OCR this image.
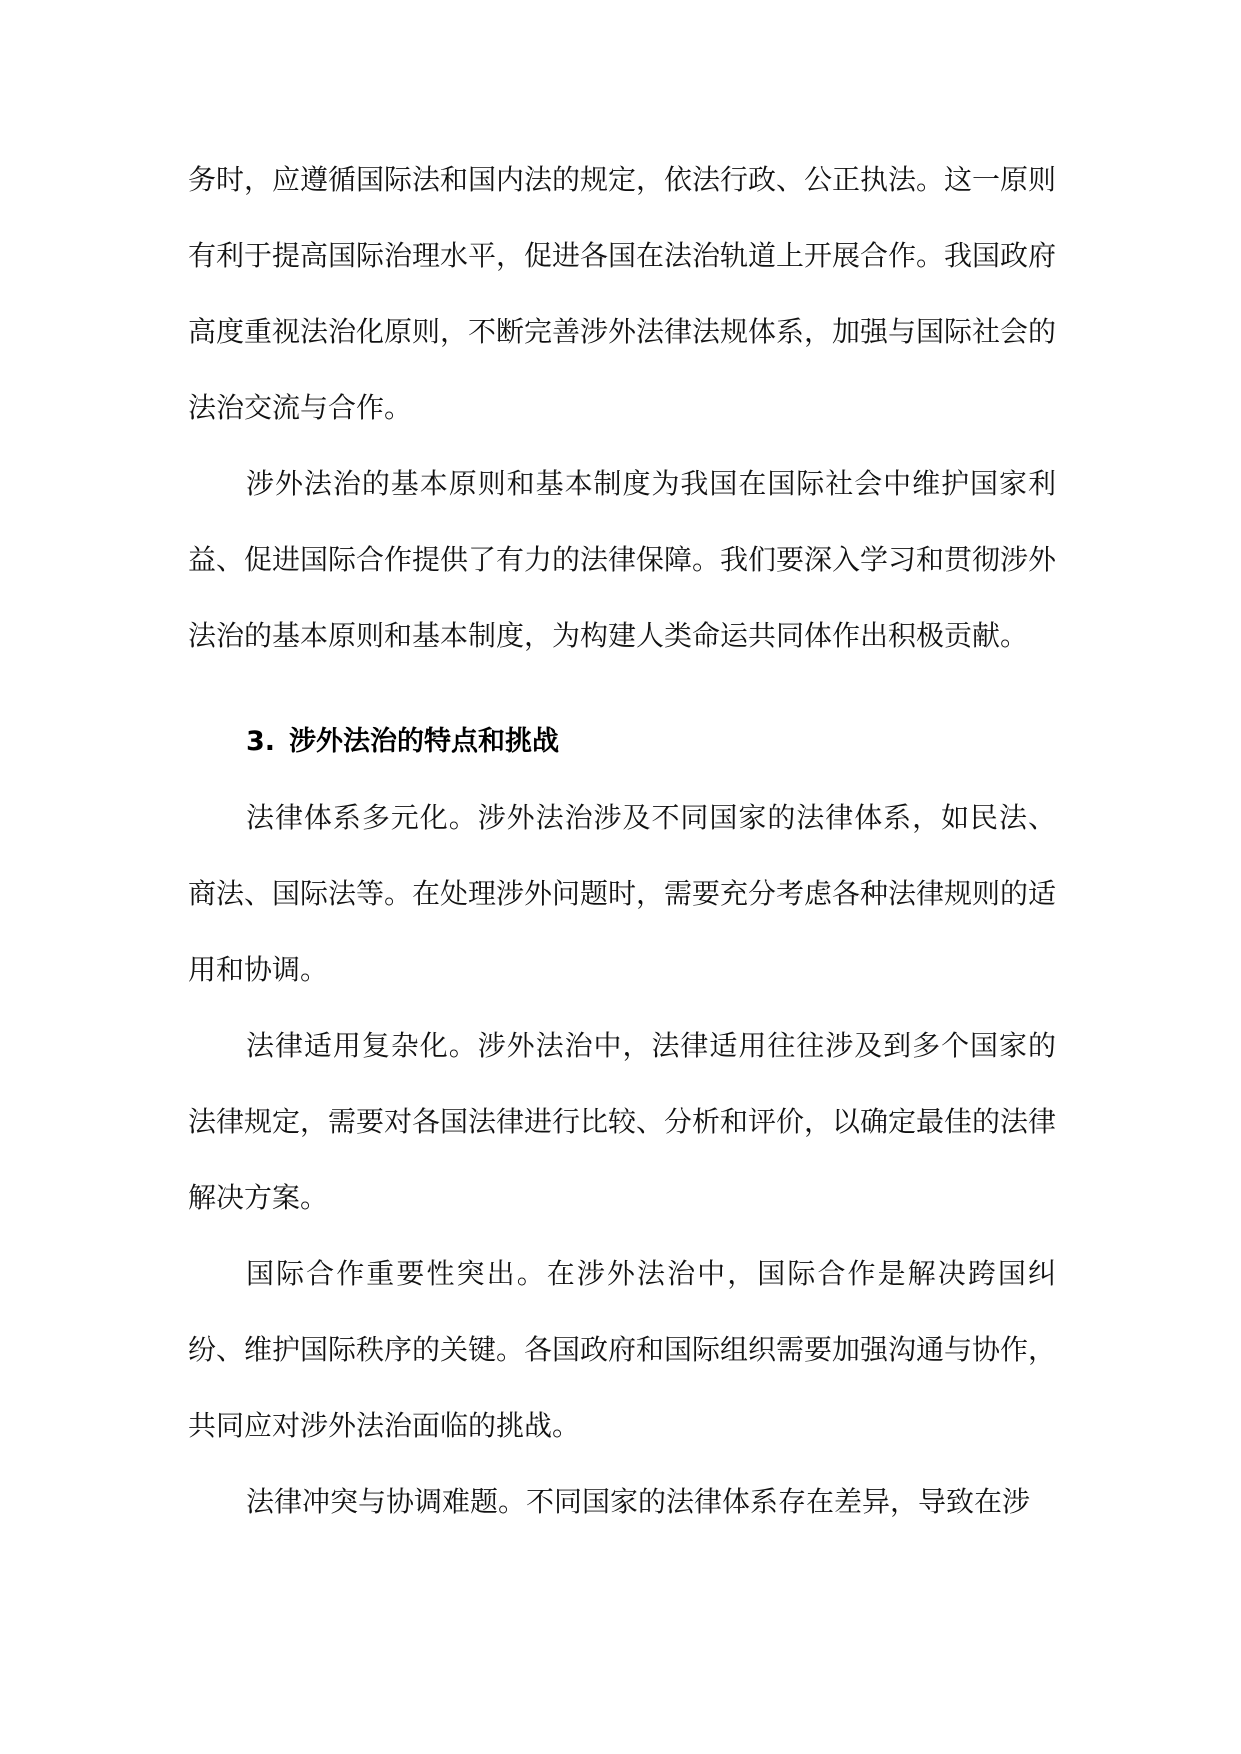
务时，应遵循国际法和国内法的规定，依法行政、公正执法。这一原则有利于提高国际治理水平，促进各国在法治轨道上开展合作。我国政府高度重视法治化原则，不断完善涉外法律法规体系，加强与国际社会的法治交流与合作。

涉外法治的基本原则和基本制度为我国在国际社会中维护国家利益、促进国际合作提供了有力的法律保障。我们要深入学习和贯彻涉外法治的基本原则和基本制度，为构建人类命运共同体作出积极贡献。

3. 涉外法治的特点和挑战

法律体系多元化。涉外法治涉及不同国家的法律体系，如民法、商法、国际法等。在处理涉外问题时，需要充分考虑各种法律规则的适用和协调。

法律适用复杂化。涉外法治中，法律适用往往涉及到多个国家的法律规定，需要对各国法律进行比较、分析和评价，以确定最佳的法律解决方案。

国际合作重要性突出。在涉外法治中，国际合作是解决跨国纠纷、维护国际秩序的关键。各国政府和国际组织需要加强沟通与协作，共同应对涉外法治面临的挑战。

法律冲突与协调难题。不同国家的法律体系存在差异，导致在涉
